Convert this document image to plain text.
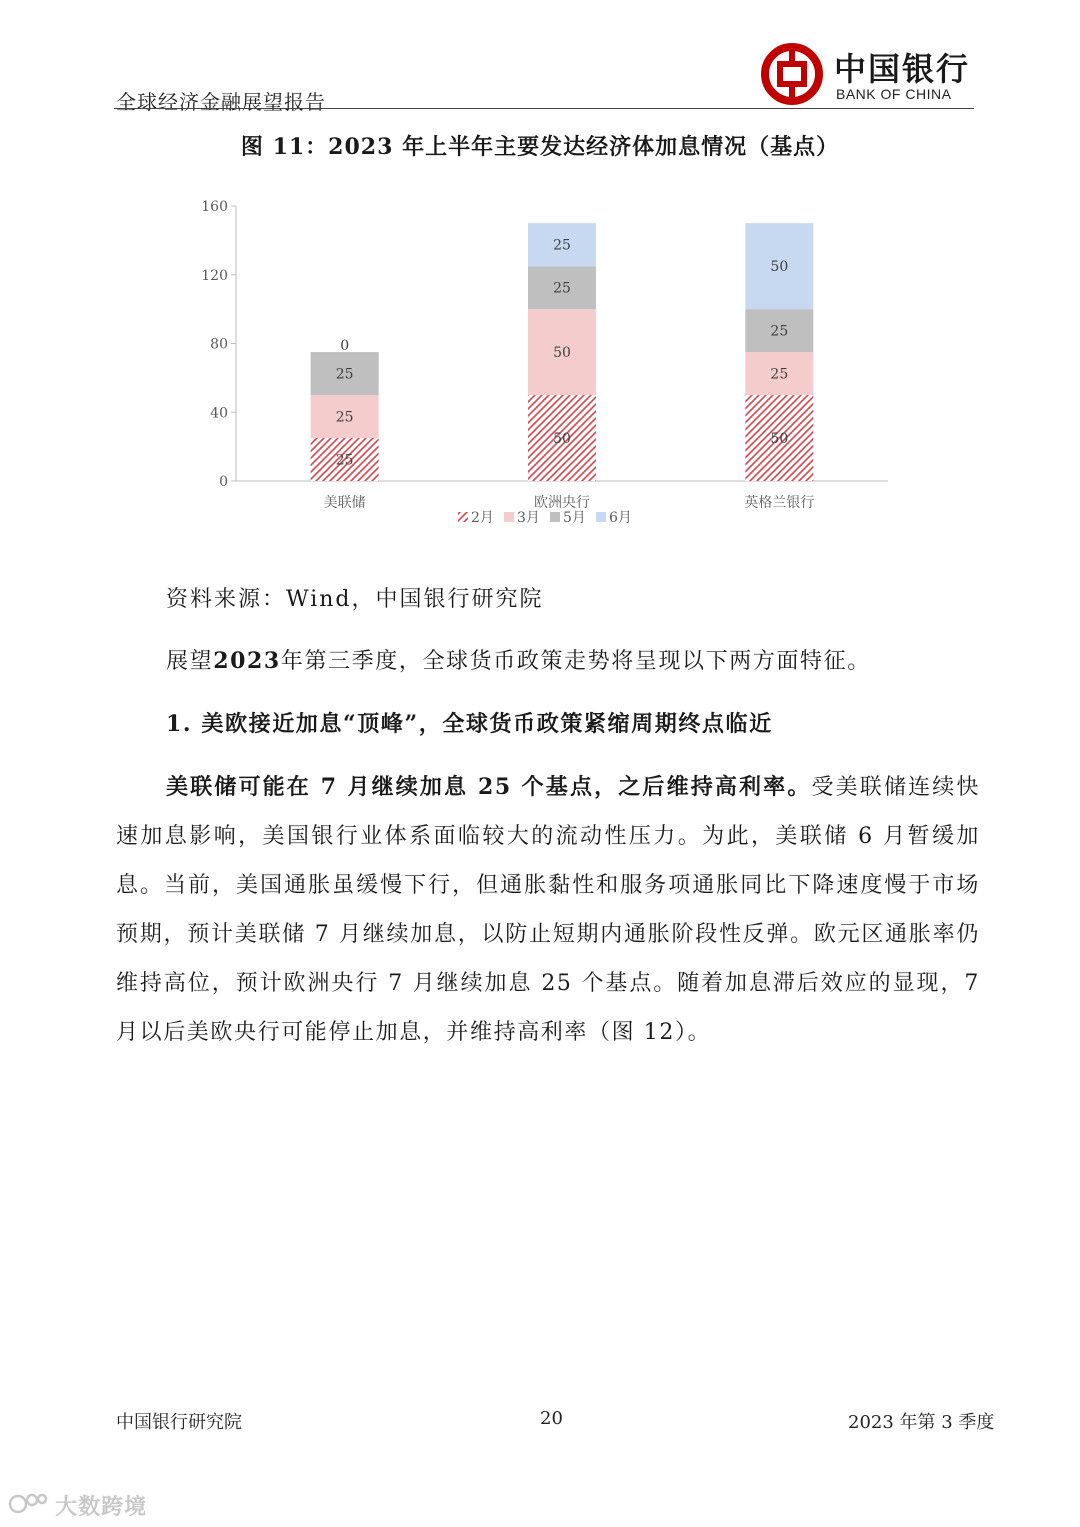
全球经济金融展望报告
中国银行
BANK OF CHINA
图 11：2023 年上半年主要发达经济体加息情况（基点）
0
40
80
120
160
25
25
25
0
美联储
50
50
25
25
欧洲央行
50
25
25
50
英格兰银行
2月 3月 5月 6月
资料来源：Wind，中国银行研究院
展望2023年第三季度，全球货币政策走势将呈现以下两方面特征。
1. 美欧接近加息“顶峰”，全球货币政策紧缩周期终点临近
美联储可能在 7 月继续加息 25 个基点，之后维持高利率。受美联储连续快速加息影响，美国银行业体系面临较大的流动性压力。为此，美联储 6 月暂缓加息。当前，美国通胀虽缓慢下行，但通胀黏性和服务项通胀同比下降速度慢于市场预期，预计美联储 7 月继续加息，以防止短期内通胀阶段性反弹。欧元区通胀率仍维持高位，预计欧洲央行 7 月继续加息 25 个基点。随着加息滞后效应的显现，7 月以后美欧央行可能停止加息，并维持高利率（图 12）。
中国银行研究院	20	2023 年第 3 季度
大数跨境
